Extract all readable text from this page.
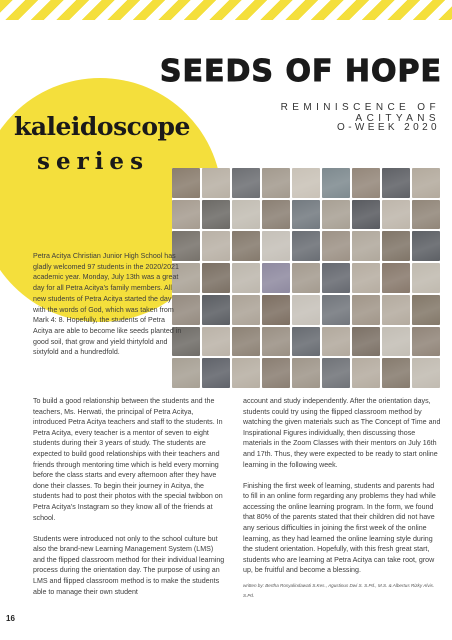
SEEDS OF HOPE
REMINISCENCE OF ACITYANS
O-WEEK 2020
kaleidoscope
series
Petra Acitya Christian Junior High School has gladly welcomed 97 students in the 2020/2021 academic year. Monday, July 13th was a great day for all Petra Acitya's family members. All new students of Petra Acitya started the day with the words of God, which was taken from Mark 4: 8. Hopefully, the students of Petra Acitya are able to become like seeds planted in good soil, that grow and yield thirtyfold and sixtyfold and a hundredfold.

To build a good relationship between the students and the teachers, Ms. Herwati, the principal of Petra Acitya, introduced Petra Acitya teachers and staff to the students. In Petra Acitya, every teacher is a mentor of seven to eight students during their 3 years of study. The students are expected to build good relationships with their teachers and friends through mentoring time which is held every morning before the class starts and every afternoon after they have done their classes. To begin their journey in Acitya, the students had to post their photos with the special twibbon on Petra Acitya's Instagram so they know all of the friends at school.

Students were introduced not only to the school culture but also the brand-new Learning Management System (LMS) and the flipped classroom method for their individual learning process during the orientation day. The purpose of using an LMS and flipped classroom method is to make the students able to manage their own student

account and study independently. After the orientation days, students could try using the flipped classroom method by watching the given materials such as The Concept of Time and Inspirational Figures individually, then discussing those materials in the Zoom Classes with their mentors on July 16th and 17th. Thus, they were expected to be ready to start online learning in the following week.

Finishing the first week of learning, students and parents had to fill in an online form regarding any problems they had while accessing the online learning program. In the form, we found that 80% of the parents stated that their children did not have any serious difficulties in joining the first week of the online learning, as they had learned the online learning style during the student orientation. Hopefully, with this fresh great start, students who are learning at Petra Acitya can take root, grow up, be fruitful and become a blessing.

written by: Bertha Rosyalindawati S.Kes., Agustinus Dwi S. S.Pd., M.S. & Albertus Rizky Alvis. S.Pd.
16
